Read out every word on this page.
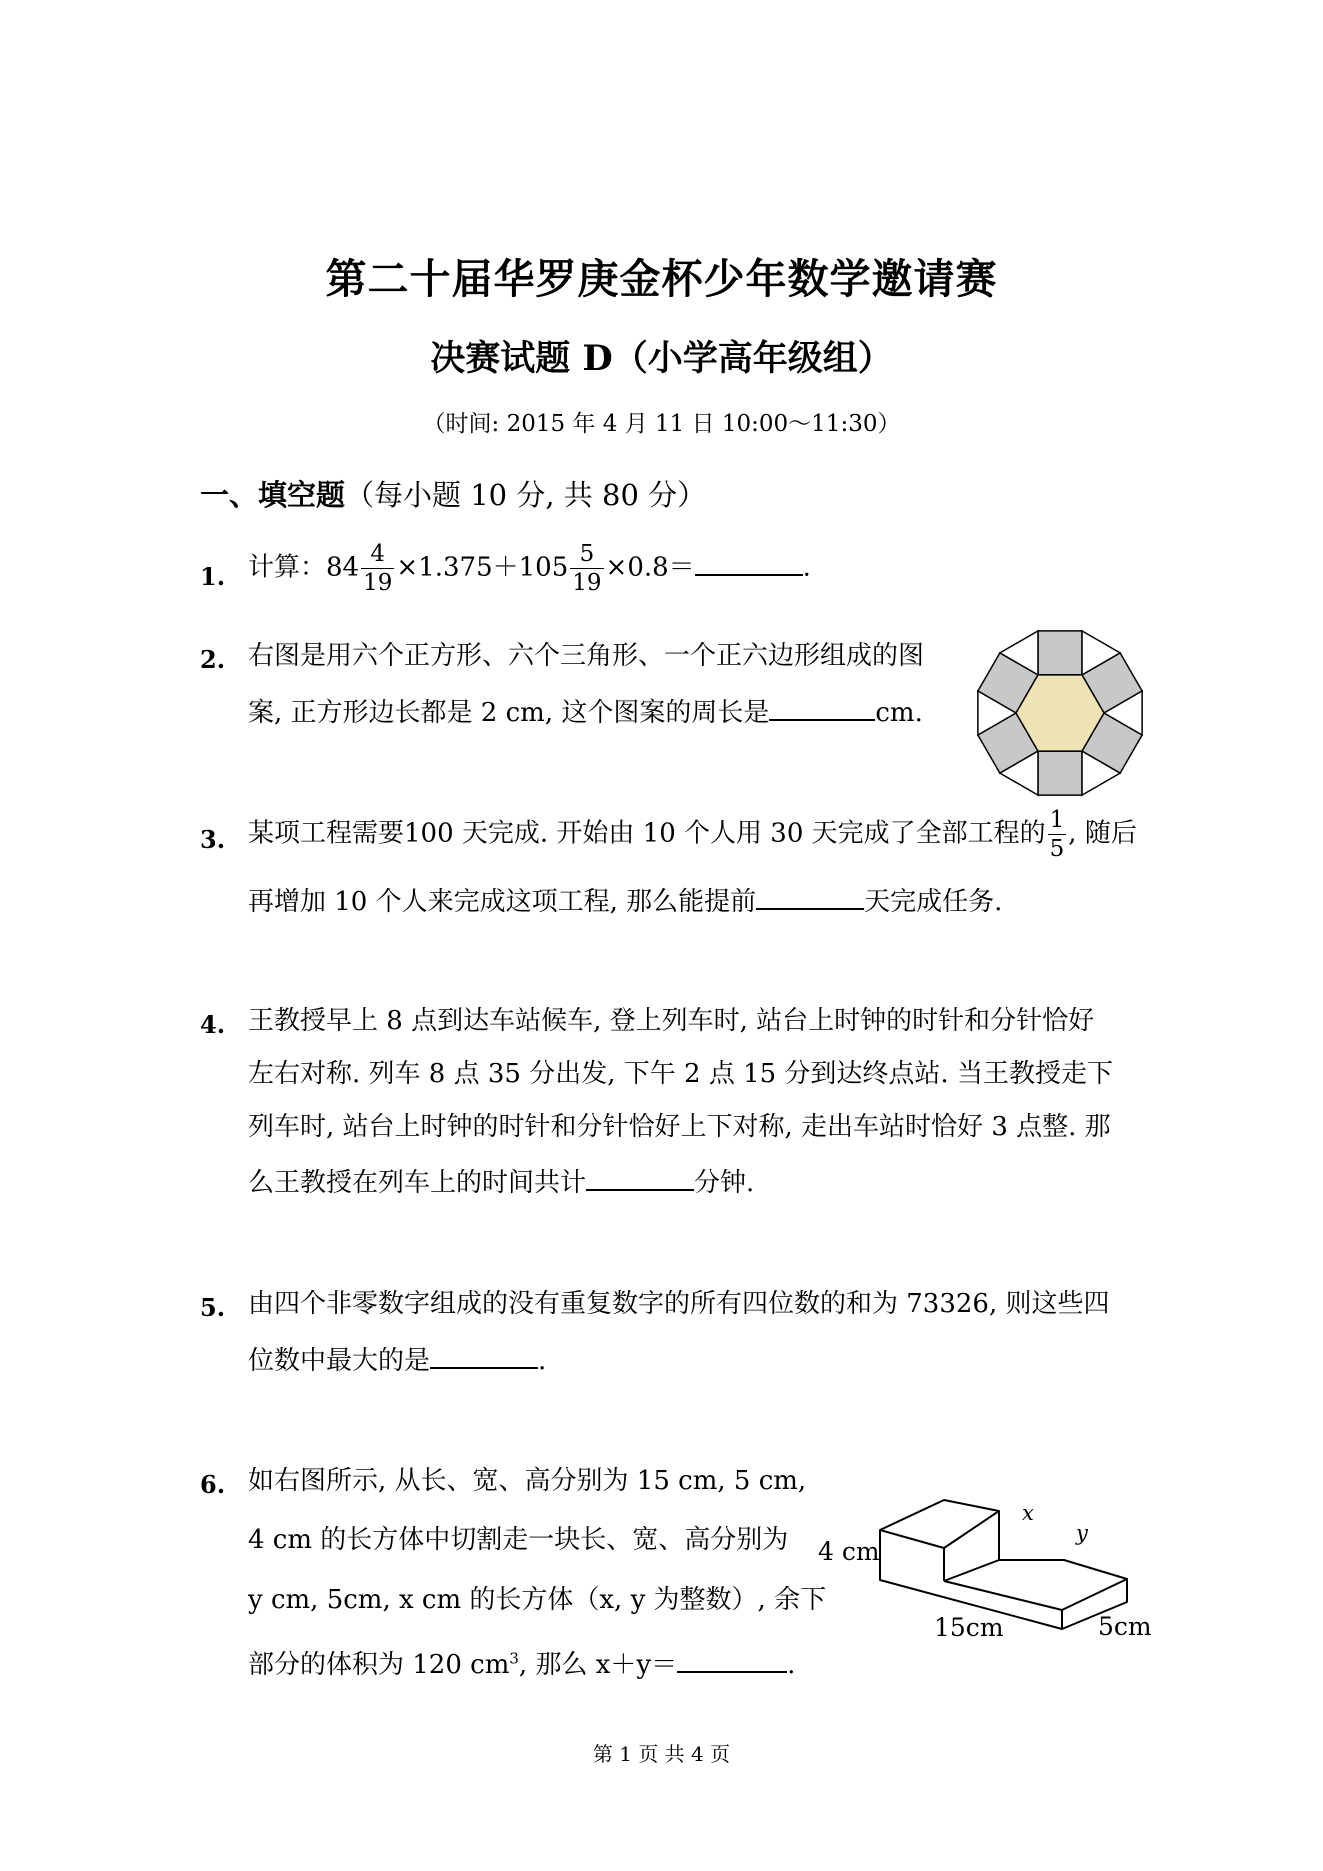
第二十届华罗庚金杯少年数学邀请赛
决赛试题 D（小学高年级组）
（时间: 2015 年 4 月 11 日 10:00～11:30）
一、填空题（每小题 10 分, 共 80 分）
1. 计算：$84 \frac{4}{19} \times 1.375+105 \frac{5}{19} \times 0.8=$	.
2. 右图是用六个正方形、六个三角形、一个正六边形组成的图
案, 正方形边长都是 2 cm, 这个图案的周长是	cm.
3. 某项工程需要100 天完成. 开始由 10 个人用 30 天完成了全部工程的 $\frac{1}{5}$ , 随后
再增加 10 个人来完成这项工程, 那么能提前	天完成任务.
4. 王教授早上 8 点到达车站候车, 登上列车时, 站台上时钟的时针和分针恰好
左右对称. 列车 8 点 35 分出发, 下午 2 点 15 分到达终点站. 当王教授走下
列车时, 站台上时钟的时针和分针恰好上下对称, 走出车站时恰好 3 点整. 那
么王教授在列车上的时间共计	分钟.
5. 由四个非零数字组成的没有重复数字的所有四位数的和为 73326, 则这些四
位数中最大的是	.
6. 如右图所示, 从长、宽、高分别为 15 cm, 5 cm,
4 cm 的长方体中切割走一块长、宽、高分别为
y cm, 5cm, x cm 的长方体（x, y 为整数）, 余下
部分的体积为 120 $cm^3$, 那么 x＋y＝	.
4 cm
15cm	5cm
x
y
第 1 页 共 4 页
